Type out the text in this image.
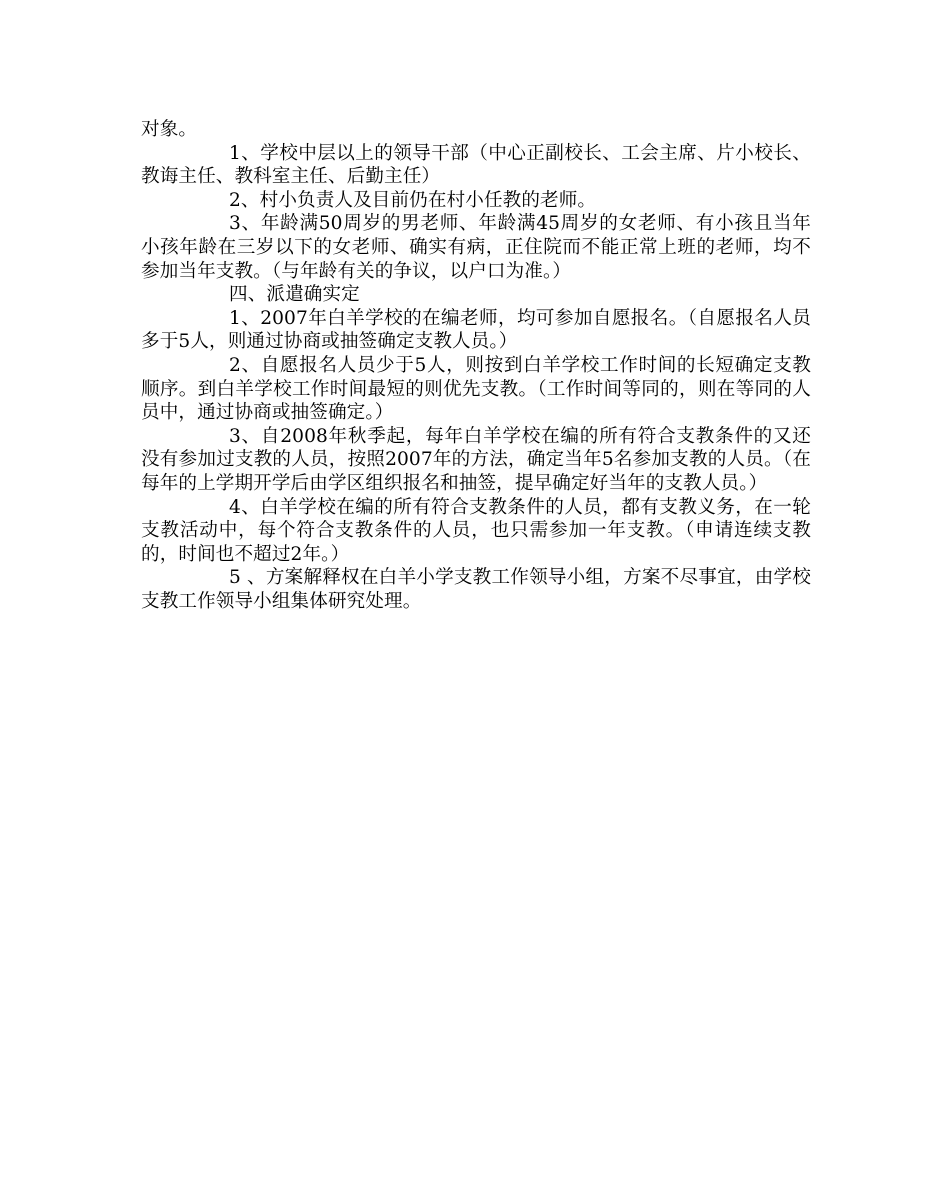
对象。

1、学校中层以上的领导干部（中心正副校长、工会主席、片小校长、教诲主任、教科室主任、后勤主任）

2、村小负责人及目前仍在村小任教的老师。

3、年龄满50周岁的男老师、年龄满45周岁的女老师、有小孩且当年小孩年龄在三岁以下的女老师、确实有病，正住院而不能正常上班的老师，均不参加当年支教。（与年龄有关的争议，以户口为准。）

四、派遣确实定

1、2007年白羊学校的在编老师，均可参加自愿报名。（自愿报名人员多于5人，则通过协商或抽签确定支教人员。）

2、自愿报名人员少于5人，则按到白羊学校工作时间的长短确定支教顺序。到白羊学校工作时间最短的则优先支教。（工作时间等同的，则在等同的人员中，通过协商或抽签确定。）

3、自2008年秋季起，每年白羊学校在编的所有符合支教条件的又还没有参加过支教的人员，按照2007年的方法，确定当年5名参加支教的人员。（在每年的上学期开学后由学区组织报名和抽签，提早确定好当年的支教人员。）

4、白羊学校在编的所有符合支教条件的人员，都有支教义务，在一轮支教活动中，每个符合支教条件的人员，也只需参加一年支教。（申请连续支教的，时间也不超过2年。）

5 、方案解释权在白羊小学支教工作领导小组，方案不尽事宜，由学校支教工作领导小组集体研究处理。
